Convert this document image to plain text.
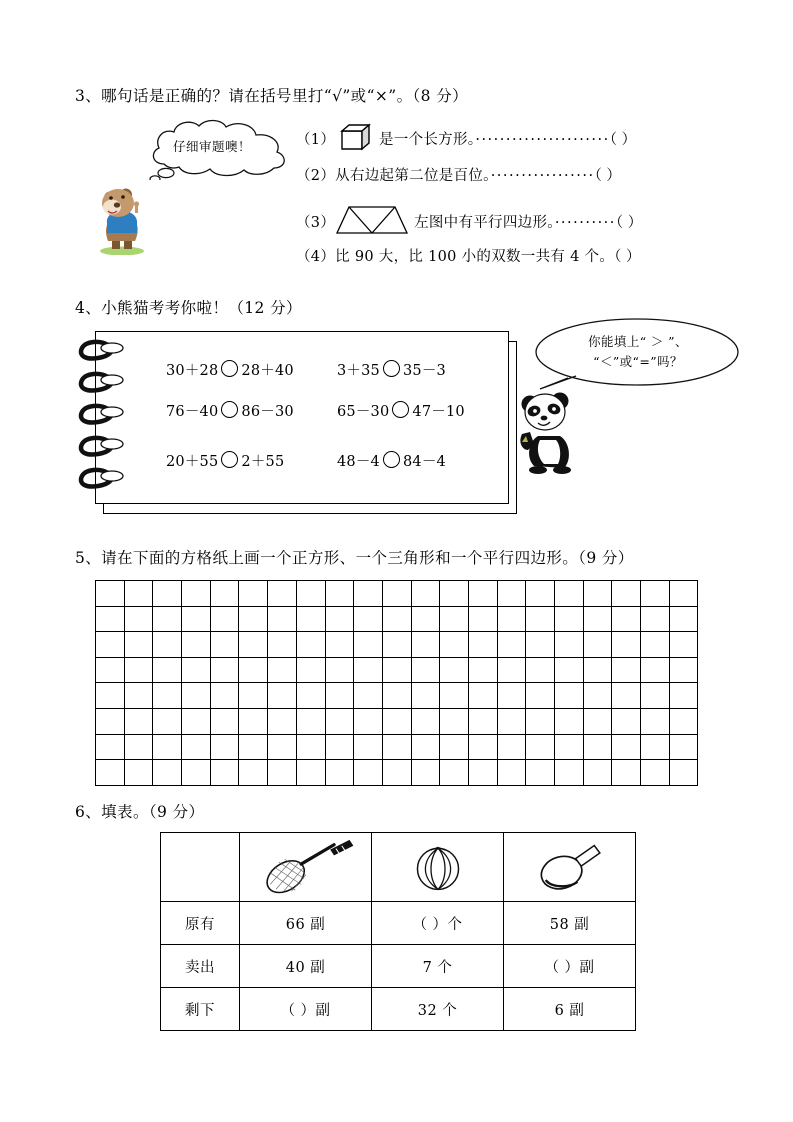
3、哪句话是正确的？请在括号里打“√”或“×”。（8 分）
仔细审题噢！	（1）	是一个长方形。······················（ ）
（2）从右边起第二位是百位。·················（ ）
（3）	左图中有平行四边形。··········（ ）
（4）比 90 大，比 100 小的双数一共有 4 个。（ ）
4、小熊猫考考你啦！（12 分）
30＋28 28＋40	3＋35 35－3
76－40 86－30	65－30 47－10
20＋55 2＋55	48－4 84－4
你能填上“ ＞ ”、
“＜”或“=”吗？
5、请在下面的方格纸上画一个正方形、一个三角形和一个平行四边形。（9 分）
6、填表。（9 分）

原有	66 副	（ ）个	58 副
卖出	40 副	7 个	（ ）副
剩下	（ ）副	32 个	6 副
